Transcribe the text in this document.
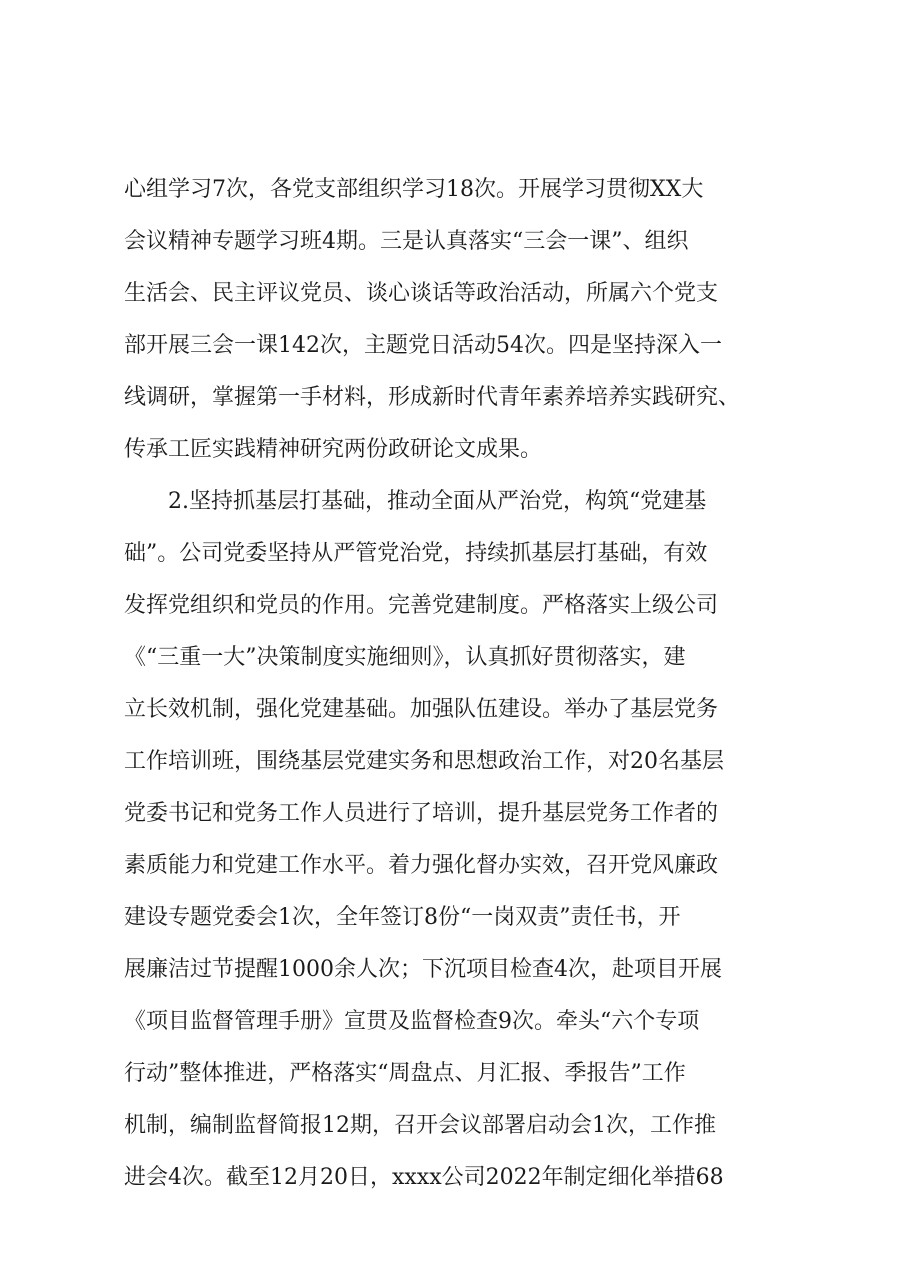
心组学习7次，各党支部组织学习18次。开展学习贯彻XX大
会议精神专题学习班4期。三是认真落实“三会一课”、组织
生活会、民主评议党员、谈心谈话等政治活动，所属六个党支
部开展三会一课142次，主题党日活动54次。四是坚持深入一
线调研，掌握第一手材料，形成新时代青年素养培养实践研究、
传承工匠实践精神研究两份政研论文成果。
2.坚持抓基层打基础，推动全面从严治党，构筑“党建基
础”。公司党委坚持从严管党治党，持续抓基层打基础，有效
发挥党组织和党员的作用。完善党建制度。严格落实上级公司
《“三重一大”决策制度实施细则》，认真抓好贯彻落实，建
立长效机制，强化党建基础。加强队伍建设。举办了基层党务
工作培训班，围绕基层党建实务和思想政治工作，对20名基层
党委书记和党务工作人员进行了培训，提升基层党务工作者的
素质能力和党建工作水平。着力强化督办实效，召开党风廉政
建设专题党委会1次，全年签订8份“一岗双责”责任书，开
展廉洁过节提醒1000余人次；下沉项目检查4次，赴项目开展
《项目监督管理手册》宣贯及监督检查9次。牵头“六个专项
行动”整体推进，严格落实“周盘点、月汇报、季报告”工作
机制，编制监督简报12期，召开会议部署启动会1次，工作推
进会4次。截至12月20日，xxxx公司2022年制定细化举措68
